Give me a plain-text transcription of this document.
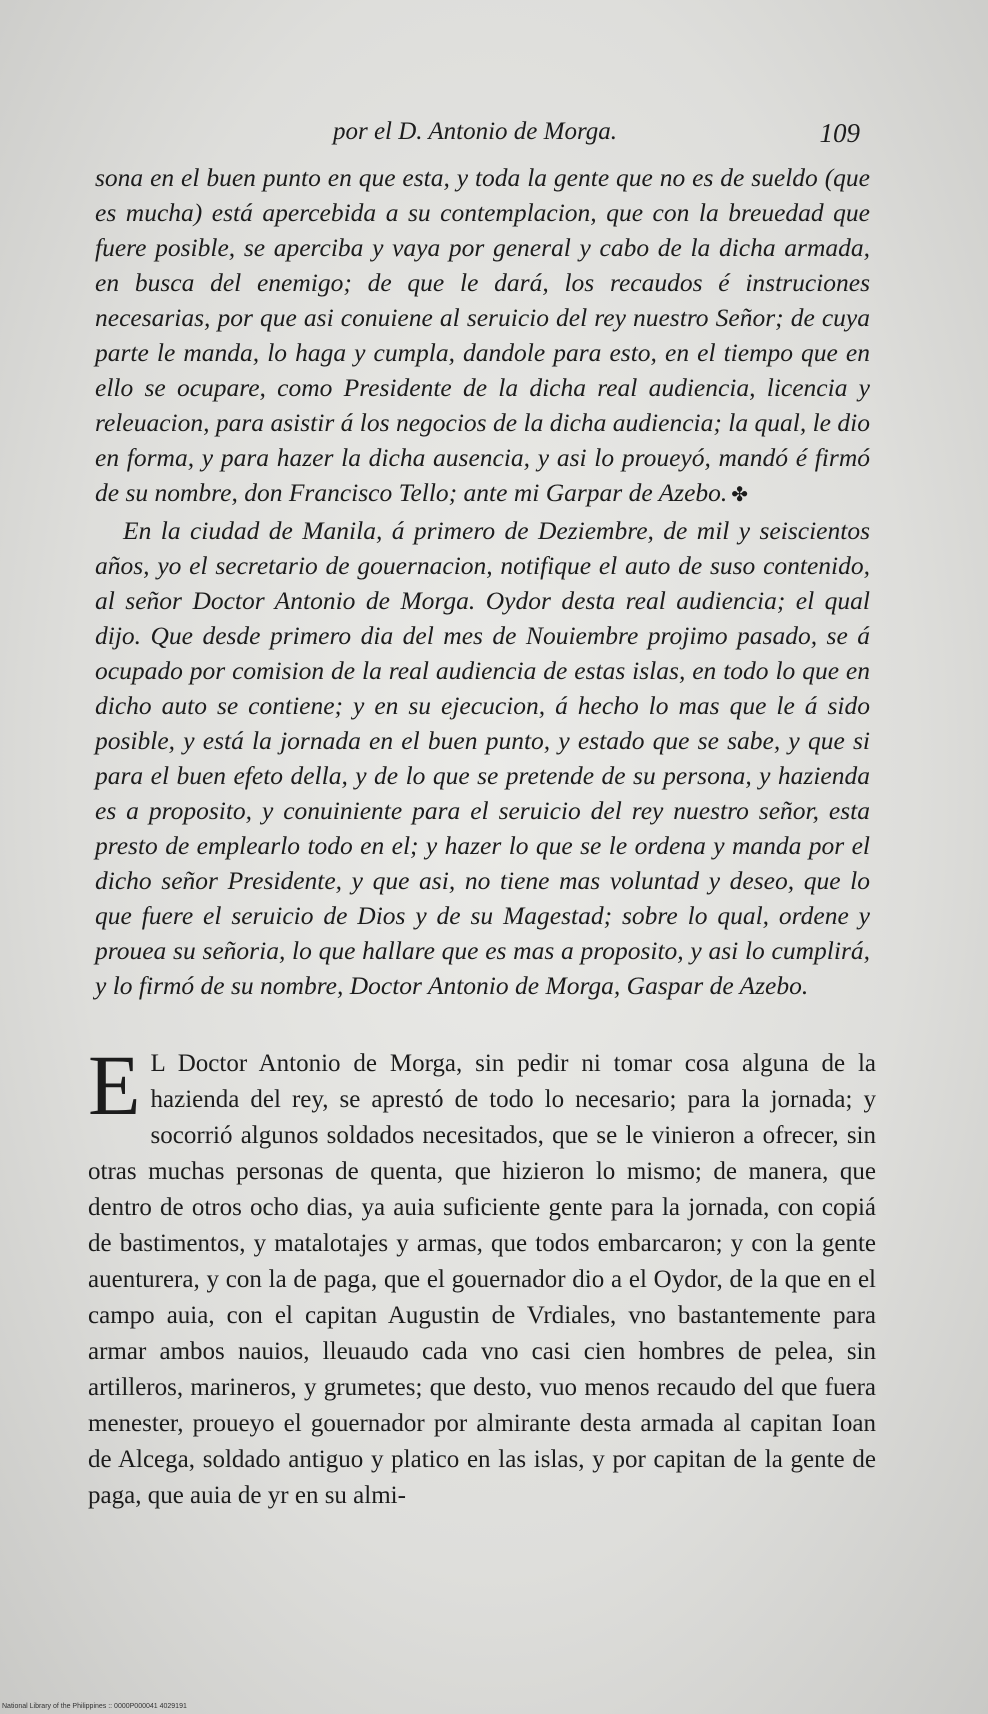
por el D. Antonio de Morga.	109

sona en el buen punto en que esta, y toda la gente que no es de sueldo (que es mucha) está apercebida a su contemplacion, que con la breuedad que fuere posible, se aperciba y vaya por general y cabo de la dicha armada, en busca del enemigo; de que le dará, los recaudos é instruciones necesarias, por que asi conuiene al seruicio del rey nuestro Señor; de cuya parte le manda, lo haga y cumpla, dandole para esto, en el tiempo que en ello se ocupare, como Presidente de la dicha real audiencia, licencia y releuacion, para asistir á los negocios de la dicha audiencia; la qual, le dio en forma, y para hazer la dicha ausencia, y asi lo proueyó, mandó é firmó de su nombre, don Francisco Tello; ante mi Garpar de Azebo. ✤

En la ciudad de Manila, á primero de Deziembre, de mil y seiscientos años, yo el secretario de gouernacion, notifique el auto de suso contenido, al señor Doctor Antonio de Morga. Oydor desta real audiencia; el qual dijo. Que desde primero dia del mes de Nouiembre projimo pasado, se á ocupado por comision de la real audiencia de estas islas, en todo lo que en dicho auto se contiene; y en su ejecucion, á hecho lo mas que le á sido posible, y está la jornada en el buen punto, y estado que se sabe, y que si para el buen efeto della, y de lo que se pretende de su persona, y hazienda es a proposito, y conuiniente para el seruicio del rey nuestro señor, esta presto de emplearlo todo en el; y hazer lo que se le ordena y manda por el dicho señor Presidente, y que asi, no tiene mas voluntad y deseo, que lo que fuere el seruicio de Dios y de su Magestad; sobre lo qual, ordene y prouea su señoria, lo que hallare que es mas a proposito, y asi lo cumplirá, y lo firmó de su nombre, Doctor Antonio de Morga, Gaspar de Azebo.

E L Doctor Antonio de Morga, sin pedir ni tomar cosa alguna de la hazienda del rey, se aprestó de todo lo necesario; para la jornada; y socorrió algunos soldados necesitados, que se le vinieron a ofrecer, sin otras muchas personas de quenta, que hizieron lo mismo; de manera, que dentro de otros ocho dias, ya auia suficiente gente para la jornada, con copiá de bastimentos, y matalotajes y armas, que todos embarcaron; y con la gente auenturera, y con la de paga, que el gouernador dio a el Oydor, de la que en el campo auia, con el capitan Augustin de Vrdiales, vno bastantemente para armar ambos nauios, lleuaudo cada vno casi cien hombres de pelea, sin artilleros, marineros, y grumetes; que desto, vuo menos recaudo del que fuera menester, proueyo el gouernador por almirante desta armada al capitan Ioan de Alcega, soldado antiguo y platico en las islas, y por capitan de la gente de paga, que auia de yr en su almi-

National Library of the Philippines :: 0000P000041 4029191
